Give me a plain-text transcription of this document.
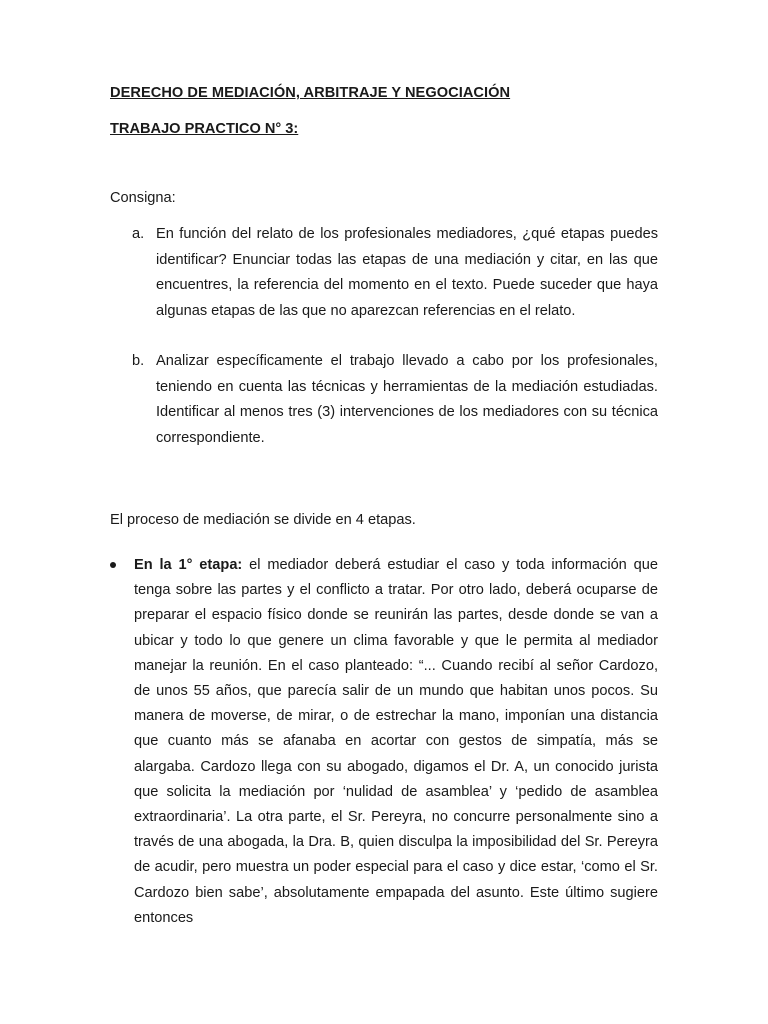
DERECHO DE MEDIACIÓN, ARBITRAJE Y NEGOCIACIÓN
TRABAJO PRACTICO N° 3:
Consigna:
a. En función del relato de los profesionales mediadores, ¿qué etapas puedes identificar? Enunciar todas las etapas de una mediación y citar, en las que encuentres, la referencia del momento en el texto. Puede suceder que haya algunas etapas de las que no aparezcan referencias en el relato.
b. Analizar específicamente el trabajo llevado a cabo por los profesionales, teniendo en cuenta las técnicas y herramientas de la mediación estudiadas. Identificar al menos tres (3) intervenciones de los mediadores con su técnica correspondiente.
El proceso de mediación se divide en 4 etapas.
En la 1° etapa: el mediador deberá estudiar el caso y toda información que tenga sobre las partes y el conflicto a tratar. Por otro lado, deberá ocuparse de preparar el espacio físico donde se reunirán las partes, desde donde se van a ubicar y todo lo que genere un clima favorable y que le permita al mediador manejar la reunión. En el caso planteado: “... Cuando recibí al señor Cardozo, de unos 55 años, que parecía salir de un mundo que habitan unos pocos. Su manera de moverse, de mirar, o de estrechar la mano, imponían una distancia que cuanto más se afanaba en acortar con gestos de simpatía, más se alargaba. Cardozo llega con su abogado, digamos el Dr. A, un conocido jurista que solicita la mediación por ‘nulidad de asamblea’ y ‘pedido de asamblea extraordinaria’. La otra parte, el Sr. Pereyra, no concurre personalmente sino a través de una abogada, la Dra. B, quien disculpa la imposibilidad del Sr. Pereyra de acudir, pero muestra un poder especial para el caso y dice estar, ‘como el Sr. Cardozo bien sabe’, absolutamente empapada del asunto. Este último sugiere entonces
